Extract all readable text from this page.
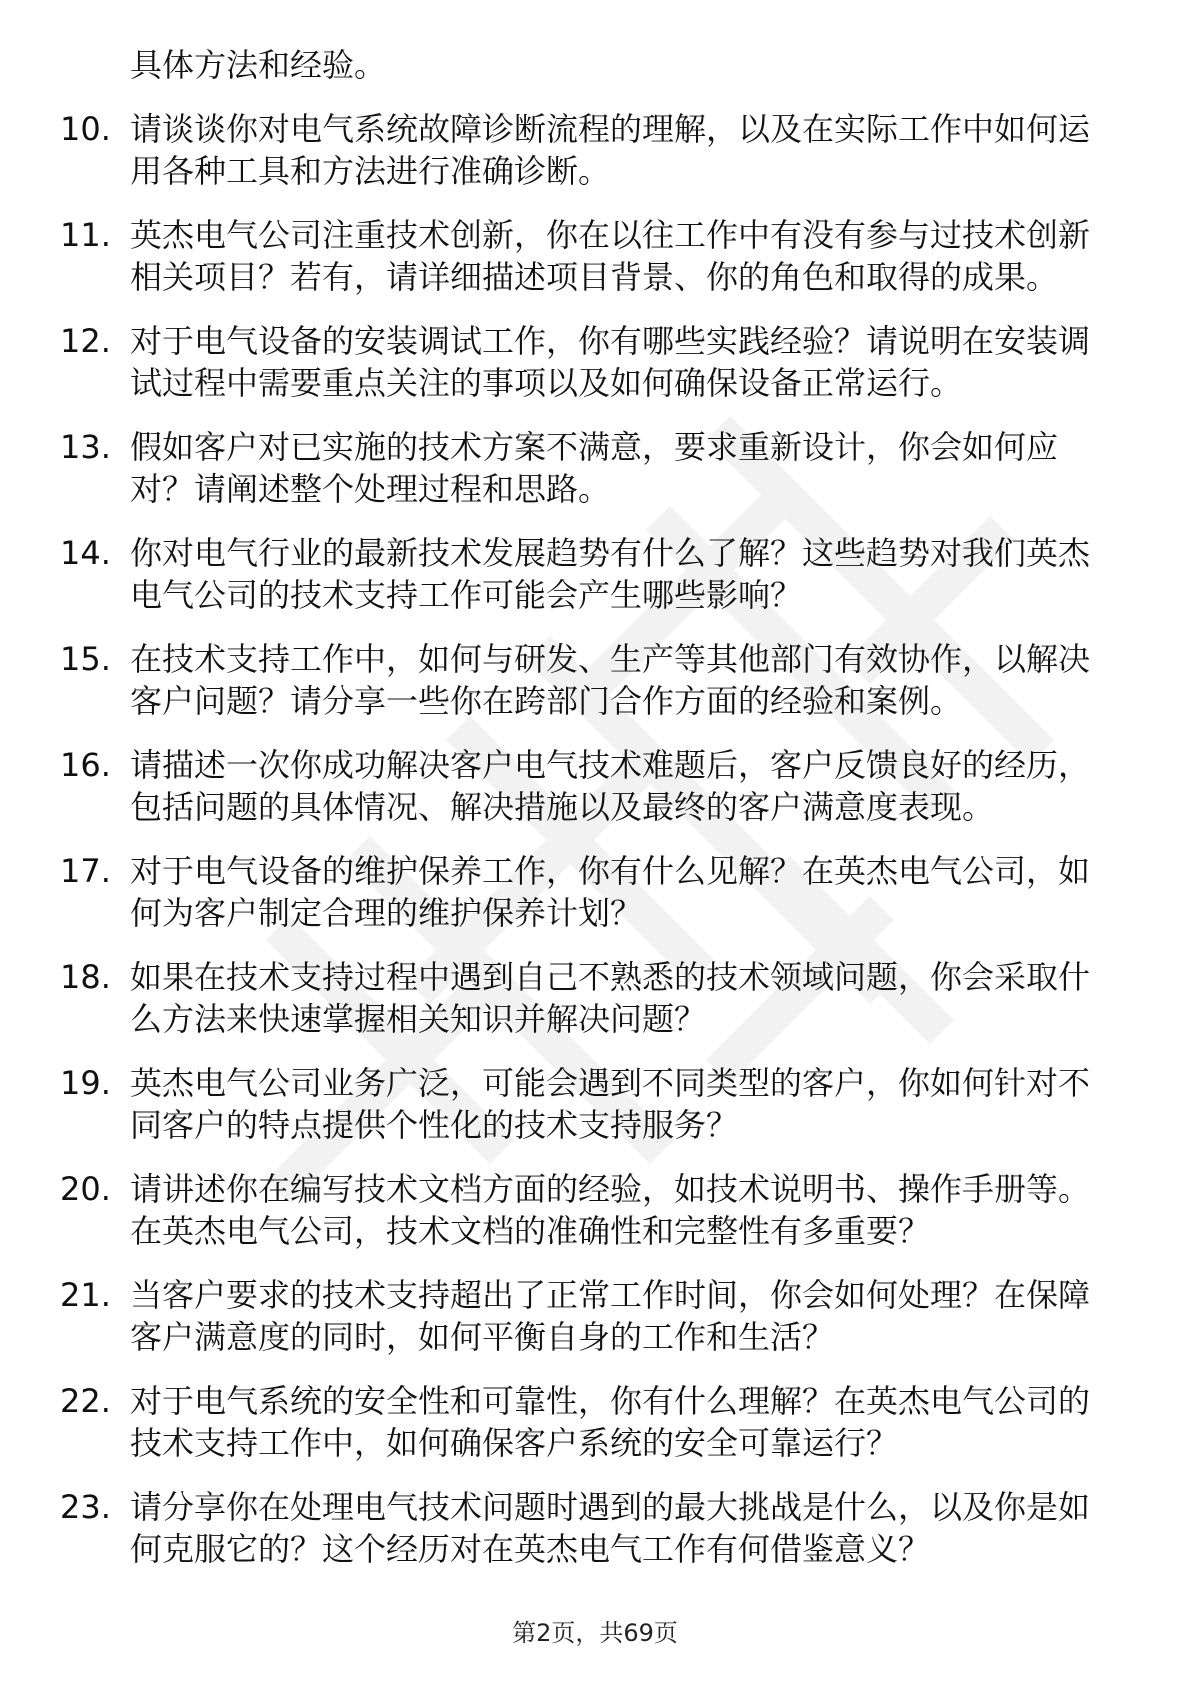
具体方法和经验。
10. 请谈谈你对电气系统故障诊断流程的理解，以及在实际工作中如何运用各种工具和方法进行准确诊断。
11. 英杰电气公司注重技术创新，你在以往工作中有没有参与过技术创新相关项目？若有，请详细描述项目背景、你的角色和取得的成果。
12. 对于电气设备的安装调试工作，你有哪些实践经验？请说明在安装调试过程中需要重点关注的事项以及如何确保设备正常运行。
13. 假如客户对已实施的技术方案不满意，要求重新设计，你会如何应对？请阐述整个处理过程和思路。
14. 你对电气行业的最新技术发展趋势有什么了解？这些趋势对我们英杰电气公司的技术支持工作可能会产生哪些影响？
15. 在技术支持工作中，如何与研发、生产等其他部门有效协作，以解决客户问题？请分享一些你在跨部门合作方面的经验和案例。
16. 请描述一次你成功解决客户电气技术难题后，客户反馈良好的经历，包括问题的具体情况、解决措施以及最终的客户满意度表现。
17. 对于电气设备的维护保养工作，你有什么见解？在英杰电气公司，如何为客户制定合理的维护保养计划？
18. 如果在技术支持过程中遇到自己不熟悉的技术领域问题，你会采取什么方法来快速掌握相关知识并解决问题？
19. 英杰电气公司业务广泛，可能会遇到不同类型的客户，你如何针对不同客户的特点提供个性化的技术支持服务？
20. 请讲述你在编写技术文档方面的经验，如技术说明书、操作手册等。在英杰电气公司，技术文档的准确性和完整性有多重要？
21. 当客户要求的技术支持超出了正常工作时间，你会如何处理？在保障客户满意度的同时，如何平衡自身的工作和生活？
22. 对于电气系统的安全性和可靠性，你有什么理解？在英杰电气公司的技术支持工作中，如何确保客户系统的安全可靠运行？
23. 请分享你在处理电气技术问题时遇到的最大挑战是什么，以及你是如何克服它的？这个经历对在英杰电气工作有何借鉴意义？
第2页，共69页
